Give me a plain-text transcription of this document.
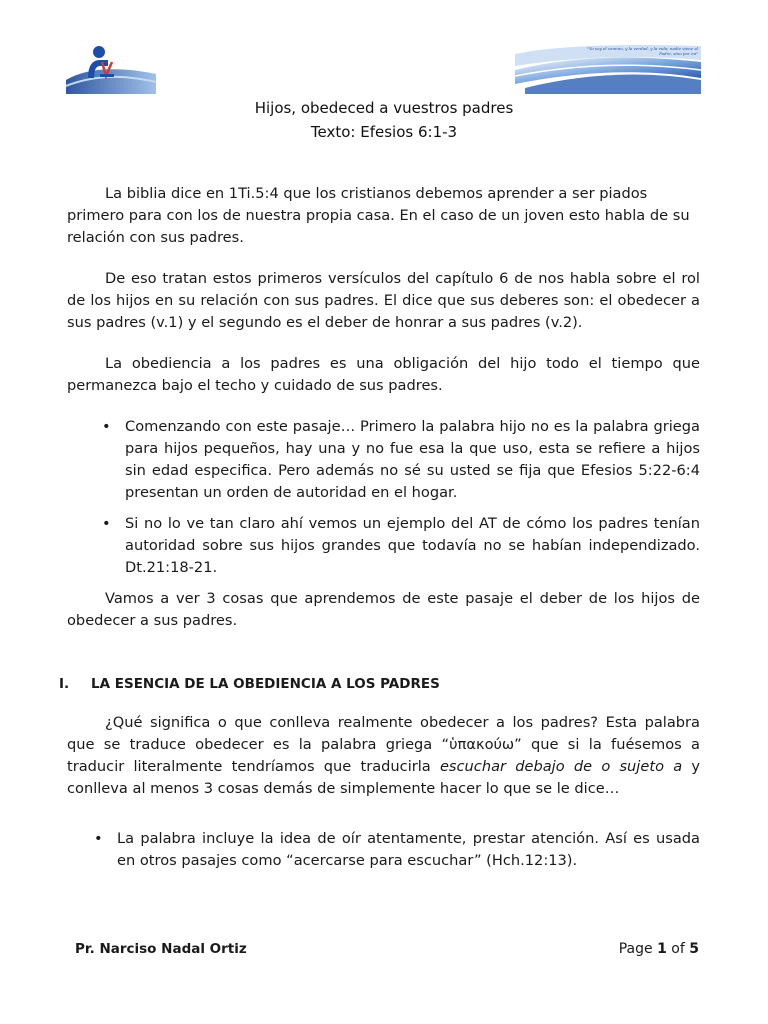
"Yo soy el camino, y la verdad, y la vida; nadie viene al Padre, sino por mí"
Hijos, obedeced a vuestros padres
Texto: Efesios 6:1-3

La biblia dice en 1Ti.5:4 que los cristianos debemos aprender a ser piados primero para con los de nuestra propia casa. En el caso de un joven esto habla de su relación con sus padres.

De eso tratan estos primeros versículos del capítulo 6 de nos habla sobre el rol de los hijos en su relación con sus padres. El dice que sus deberes son: el obedecer a sus padres (v.1) y el segundo es el deber de honrar a sus padres (v.2).

La obediencia a los padres es una obligación del hijo todo el tiempo que permanezca bajo el techo y cuidado de sus padres.

• Comenzando con este pasaje… Primero la palabra hijo no es la palabra griega para hijos pequeños, hay una y no fue esa la que uso, esta se refiere a hijos sin edad especifica. Pero además no sé su usted se fija que Efesios 5:22-6:4 presentan un orden de autoridad en el hogar.
• Si no lo ve tan claro ahí vemos un ejemplo del AT de cómo los padres tenían autoridad sobre sus hijos grandes que todavía no se habían independizado. Dt.21:18-21.

Vamos a ver 3 cosas que aprendemos de este pasaje el deber de los hijos de obedecer a sus padres.

I. LA ESENCIA DE LA OBEDIENCIA A LOS PADRES

¿Qué significa o que conlleva realmente obedecer a los padres? Esta palabra que se traduce obedecer es la palabra griega “ὑπακούω” que si la fuésemos a traducir literalmente tendríamos que traducirla escuchar debajo de o sujeto a y conlleva al menos 3 cosas demás de simplemente hacer lo que se le dice…

• La palabra incluye la idea de oír atentamente, prestar atención. Así es usada en otros pasajes como “acercarse para escuchar” (Hch.12:13).
Pr. Narciso Nadal Ortiz	Page 1 of 5
